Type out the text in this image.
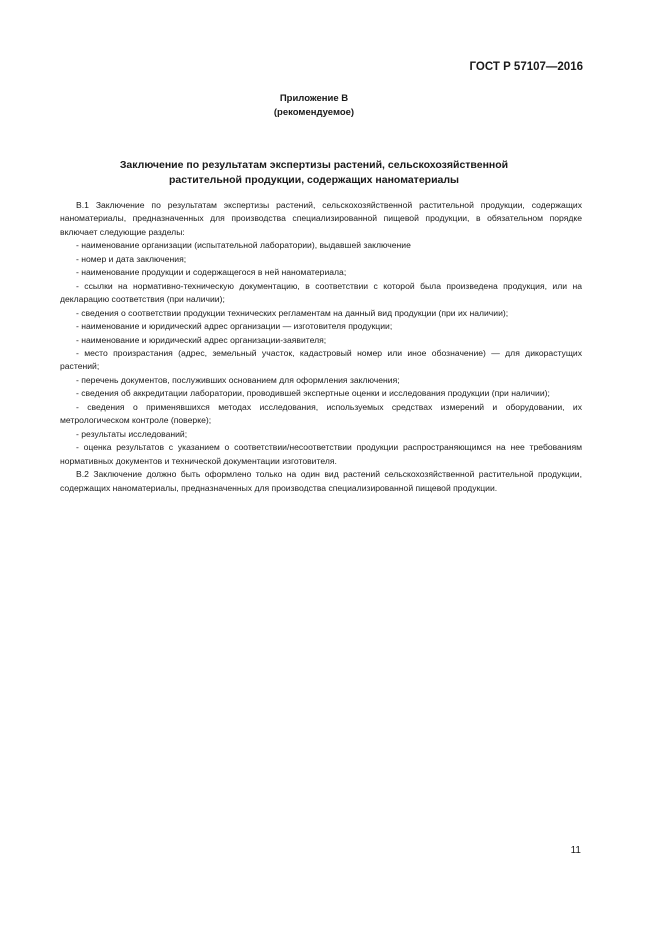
ГОСТ Р 57107—2016
Приложение В
(рекомендуемое)
Заключение по результатам экспертизы растений, сельскохозяйственной
растительной продукции, содержащих наноматериалы

В.1 Заключение по результатам экспертизы растений, сельскохозяйственной растительной продукции, содержащих наноматериалы, предназначенных для производства специализированной пищевой продукции, в обязательном порядке включает следующие разделы:

- наименование организации (испытательной лаборатории), выдавшей заключение

- номер и дата заключения;

- наименование продукции и содержащегося в ней наноматериала;

- ссылки на нормативно-техническую документацию, в соответствии с которой была произведена продукция, или на декларацию соответствия (при наличии);

- сведения о соответствии продукции технических регламентам на данный вид продукции (при их наличии);

- наименование и юридический адрес организации — изготовителя продукции;

- наименование и юридический адрес организации-заявителя;

- место произрастания (адрес, земельный участок, кадастровый номер или иное обозначение) — для дикорастущих растений;

- перечень документов, послуживших основанием для оформления заключения;

- сведения об аккредитации лаборатории, проводившей экспертные оценки и исследования продукции (при наличии);

- сведения о применявшихся методах исследования, используемых средствах измерений и оборудовании, их метрологическом контроле (поверке);

- результаты исследований;

- оценка результатов с указанием о соответствии/несоответствии продукции распространяющимся на нее требованиям нормативных документов и технической документации изготовителя.

В.2 Заключение должно быть оформлено только на один вид растений сельскохозяйственной растительной продукции, содержащих наноматериалы, предназначенных для производства специализированной пищевой продукции.

11
